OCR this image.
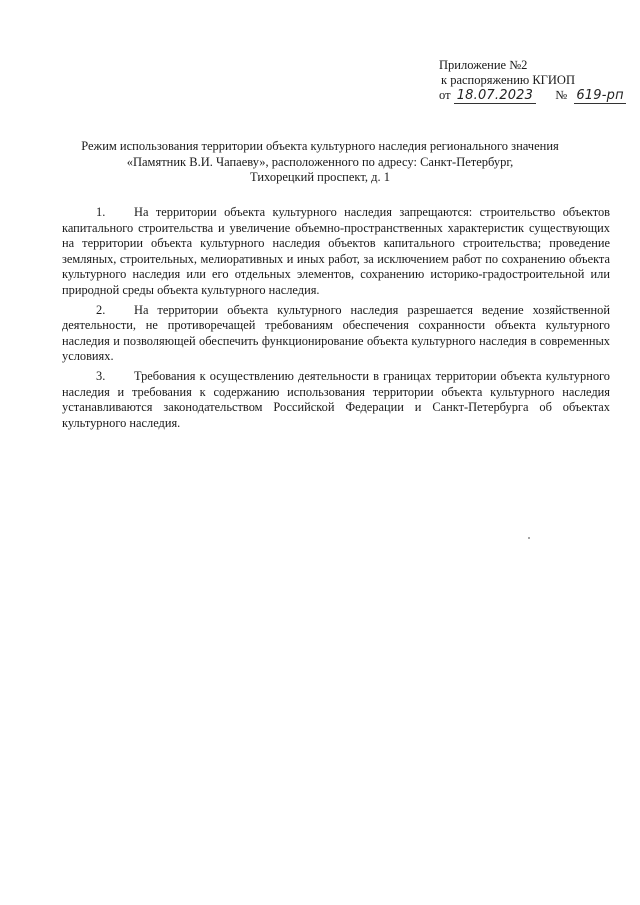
Приложение №2
к распоряжению КГИОП
от 18.07.2023 № 619-рп
Режим использования территории объекта культурного наследия регионального значения
«Памятник В.И. Чапаеву», расположенного по адресу: Санкт-Петербург,
Тихорецкий проспект, д. 1

1. На территории объекта культурного наследия запрещаются: строительство объектов капитального строительства и увеличение объемно-пространственных характеристик существующих на территории объекта культурного наследия объектов капитального строительства; проведение земляных, строительных, мелиоративных и иных работ, за исключением работ по сохранению объекта культурного наследия или его отдельных элементов, сохранению историко-градостроительной или природной среды объекта культурного наследия.

2. На территории объекта культурного наследия разрешается ведение хозяйственной деятельности, не противоречащей требованиям обеспечения сохранности объекта культурного наследия и позволяющей обеспечить функционирование объекта культурного наследия в современных условиях.

3. Требования к осуществлению деятельности в границах территории объекта культурного наследия и требования к содержанию использования территории объекта культурного наследия устанавливаются законодательством Российской Федерации и Санкт-Петербурга об объектах культурного наследия.
